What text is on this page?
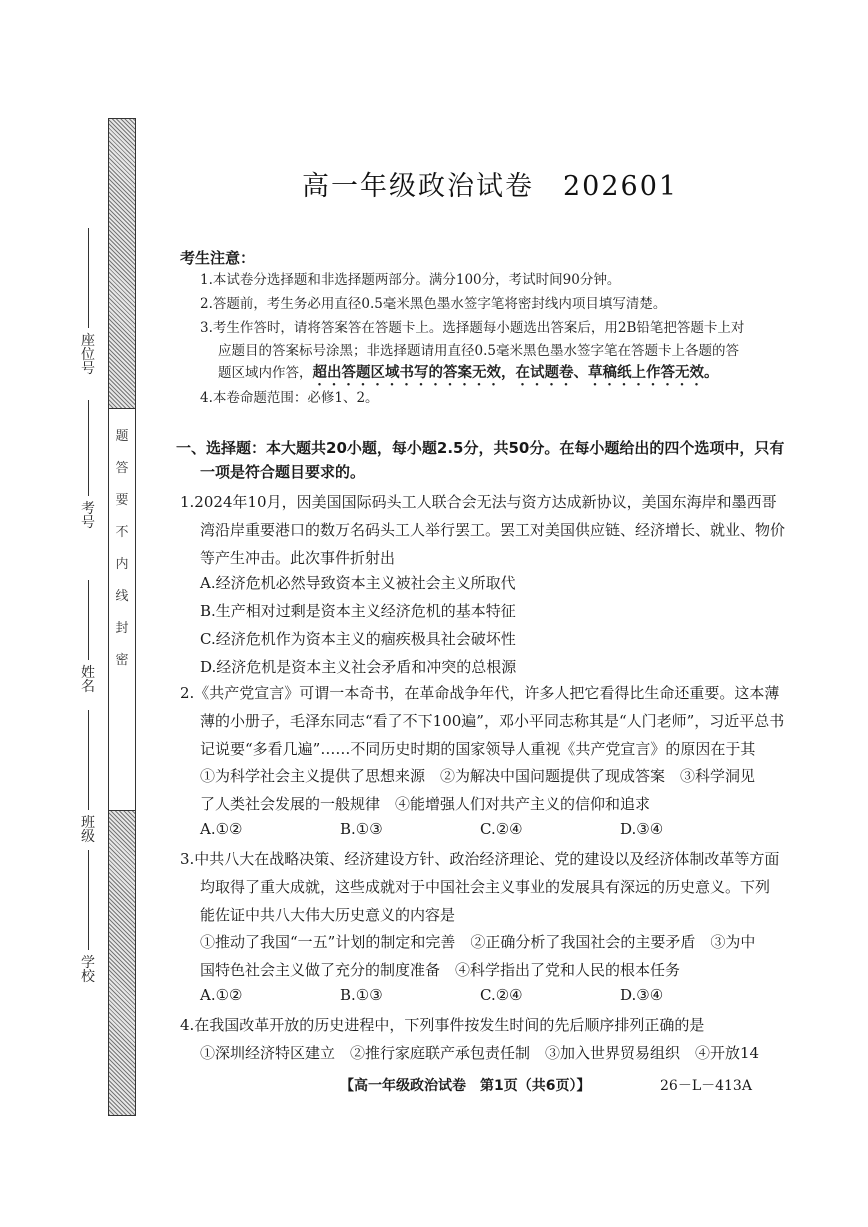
题
答
要
不
内
线
封
密
座位号
考号
姓名
班级
学校
高一年级政治试卷　202601
考生注意：
1.本试卷分选择题和非选择题两部分。满分100分，考试时间90分钟。
2.答题前，考生务必用直径0.5毫米黑色墨水签字笔将密封线内项目填写清楚。
3.考生作答时，请将答案答在答题卡上。选择题每小题选出答案后，用2B铅笔把答题卡上对
应题目的答案标号涂黑；非选择题请用直径0.5毫米黑色墨水签字笔在答题卡上各题的答
题区域内作答，超出答题区域书写的答案无效，在试题卷、草稿纸上作答无效。
4.本卷命题范围：必修1、2。
一、选择题：本大题共20小题，每小题2.5分，共50分。在每小题给出的四个选项中，只有
一项是符合题目要求的。
1.2024年10月，因美国国际码头工人联合会无法与资方达成新协议，美国东海岸和墨西哥
湾沿岸重要港口的数万名码头工人举行罢工。罢工对美国供应链、经济增长、就业、物价
等产生冲击。此次事件折射出
A.经济危机必然导致资本主义被社会主义所取代
B.生产相对过剩是资本主义经济危机的基本特征
C.经济危机作为资本主义的痼疾极具社会破坏性
D.经济危机是资本主义社会矛盾和冲突的总根源
2.《共产党宣言》可谓一本奇书，在革命战争年代，许多人把它看得比生命还重要。这本薄
薄的小册子，毛泽东同志“看了不下100遍”，邓小平同志称其是“人门老师”，习近平总书
记说要“多看几遍”……不同历史时期的国家领导人重视《共产党宣言》的原因在于其
①为科学社会主义提供了思想来源　②为解决中国问题提供了现成答案　③科学洞见
了人类社会发展的一般规律　④能增强人们对共产主义的信仰和追求
A.①②	B.①③	C.②④	D.③④
3.中共八大在战略决策、经济建设方针、政治经济理论、党的建设以及经济体制改革等方面
均取得了重大成就，这些成就对于中国社会主义事业的发展具有深远的历史意义。下列
能佐证中共八大伟大历史意义的内容是
①推动了我国“一五”计划的制定和完善　②正确分析了我国社会的主要矛盾　③为中
国特色社会主义做了充分的制度准备　④科学指出了党和人民的根本任务
A.①②	B.①③	C.②④	D.③④
4.在我国改革开放的历史进程中，下列事件按发生时间的先后顺序排列正确的是
①深圳经济特区建立　②推行家庭联产承包责任制　③加入世界贸易组织　④开放14
【高一年级政治试卷　第1页（共6页）】	26－L－413A
